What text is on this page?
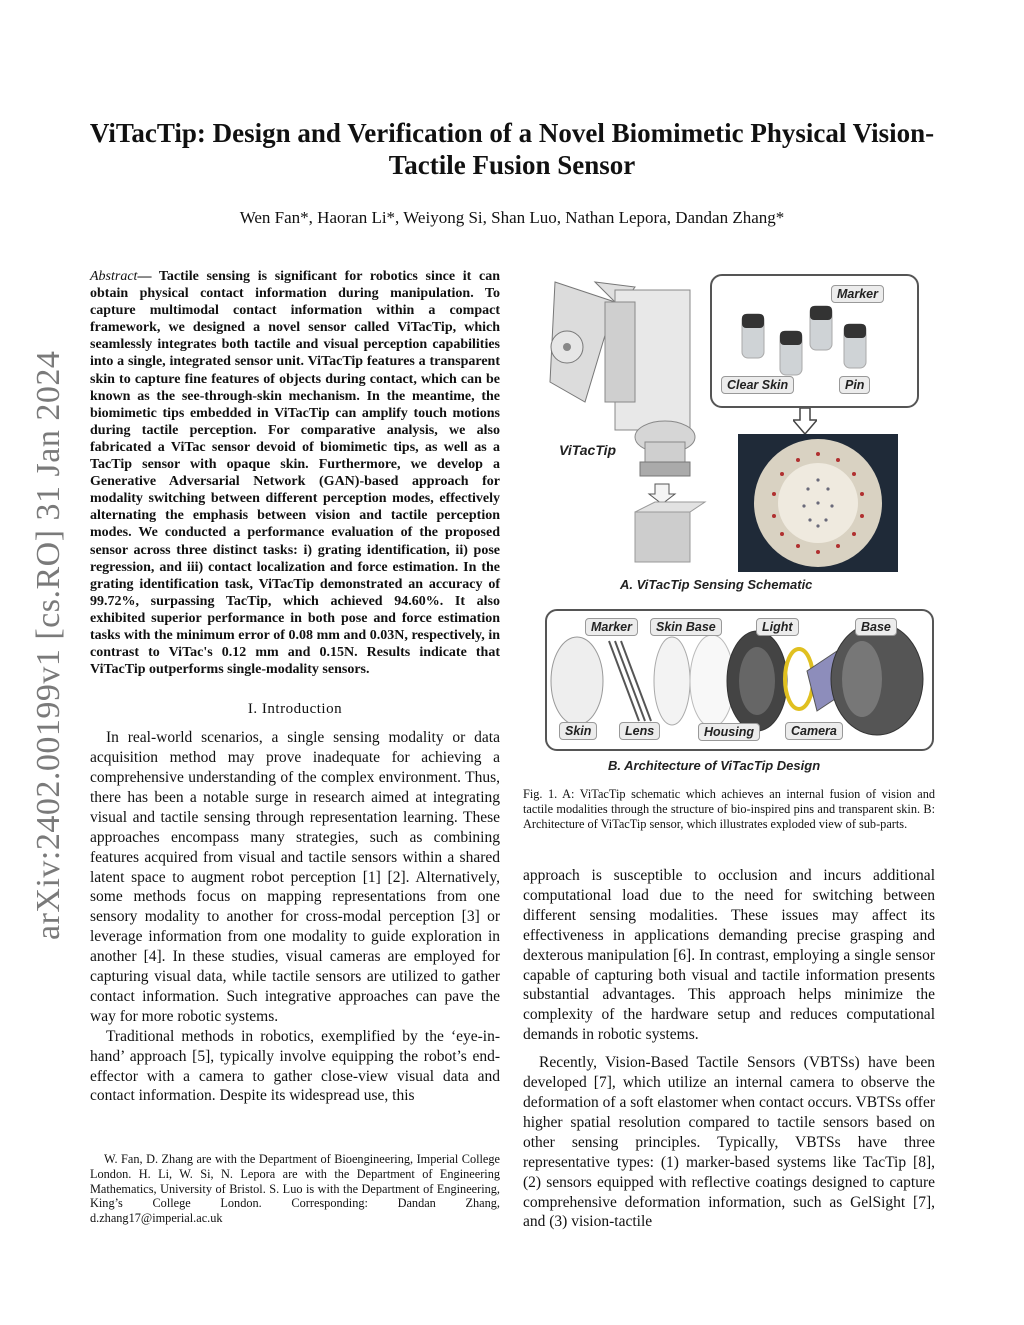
arXiv:2402.00199v1 [cs.RO] 31 Jan 2024
ViTacTip: Design and Verification of a Novel Biomimetic Physical Vision-Tactile Fusion Sensor
Wen Fan*, Haoran Li*, Weiyong Si, Shan Luo, Nathan Lepora, Dandan Zhang*
Abstract— Tactile sensing is significant for robotics since it can obtain physical contact information during manipulation. To capture multimodal contact information within a compact framework, we designed a novel sensor called ViTacTip, which seamlessly integrates both tactile and visual perception capabilities into a single, integrated sensor unit. ViTacTip features a transparent skin to capture fine features of objects during contact, which can be known as the see-through-skin mechanism. In the meantime, the biomimetic tips embedded in ViTacTip can amplify touch motions during tactile perception. For comparative analysis, we also fabricated a ViTac sensor devoid of biomimetic tips, as well as a TacTip sensor with opaque skin. Furthermore, we develop a Generative Adversarial Network (GAN)-based approach for modality switching between different perception modes, effectively alternating the emphasis between vision and tactile perception modes. We conducted a performance evaluation of the proposed sensor across three distinct tasks: i) grating identification, ii) pose regression, and iii) contact localization and force estimation. In the grating identification task, ViTacTip demonstrated an accuracy of 99.72%, surpassing TacTip, which achieved 94.60%. It also exhibited superior performance in both pose and force estimation tasks with the minimum error of 0.08 mm and 0.03N, respectively, in contrast to ViTac's 0.12 mm and 0.15N. Results indicate that ViTacTip outperforms single-modality sensors.
I. Introduction

In real-world scenarios, a single sensing modality or data acquisition method may prove inadequate for achieving a comprehensive understanding of the complex environment. Thus, there has been a notable surge in research aimed at integrating visual and tactile sensing through representation learning. These approaches encompass many strategies, such as combining features acquired from visual and tactile sensors within a shared latent space to augment robot perception [1] [2]. Alternatively, some methods focus on mapping representations from one sensory modality to another for cross-modal perception [3] or leverage information from one modality to guide exploration in another [4]. In these studies, visual cameras are employed for capturing visual data, while tactile sensors are utilized to gather contact information. Such integrative approaches can pave the way for more robotic systems.

Traditional methods in robotics, exemplified by the ‘eye-in-hand’ approach [5], typically involve equipping the robot’s end-effector with a camera to gather close-view visual data and contact information. Despite its widespread use, this

W. Fan, D. Zhang are with the Department of Bioengineering, Imperial College London. H. Li, W. Si, N. Lepora are with the Department of Engineering Mathematics, University of Bristol. S. Luo is with the Department of Engineering, King’s College London. Corresponding: Dandan Zhang, d.zhang17@imperial.ac.uk
ViTacTip
Marker
Clear Skin	Pin
A. ViTacTip Sensing Schematic
Marker	Skin Base	Light	Base
Skin	Lens	Housing	Camera
B. Architecture of ViTacTip Design
Fig. 1. A: ViTacTip schematic which achieves an internal fusion of vision and tactile modalities through the structure of bio-inspired pins and transparent skin. B: Architecture of ViTacTip sensor, which illustrates exploded view of sub-parts.

approach is susceptible to occlusion and incurs additional computational load due to the need for switching between different sensing modalities. These issues may affect its effectiveness in applications demanding precise grasping and dexterous manipulation [6]. In contrast, employing a single sensor capable of capturing both visual and tactile information presents substantial advantages. This approach helps minimize the complexity of the hardware setup and reduces computational demands in robotic systems.

Recently, Vision-Based Tactile Sensors (VBTSs) have been developed [7], which utilize an internal camera to observe the deformation of a soft elastomer when contact occurs. VBTSs offer higher spatial resolution compared to tactile sensors based on other sensing principles. Typically, VBTSs have three representative types: (1) marker-based systems like TacTip [8], (2) sensors equipped with reflective coatings designed to capture comprehensive deformation information, such as GelSight [7], and (3) vision-tactile
